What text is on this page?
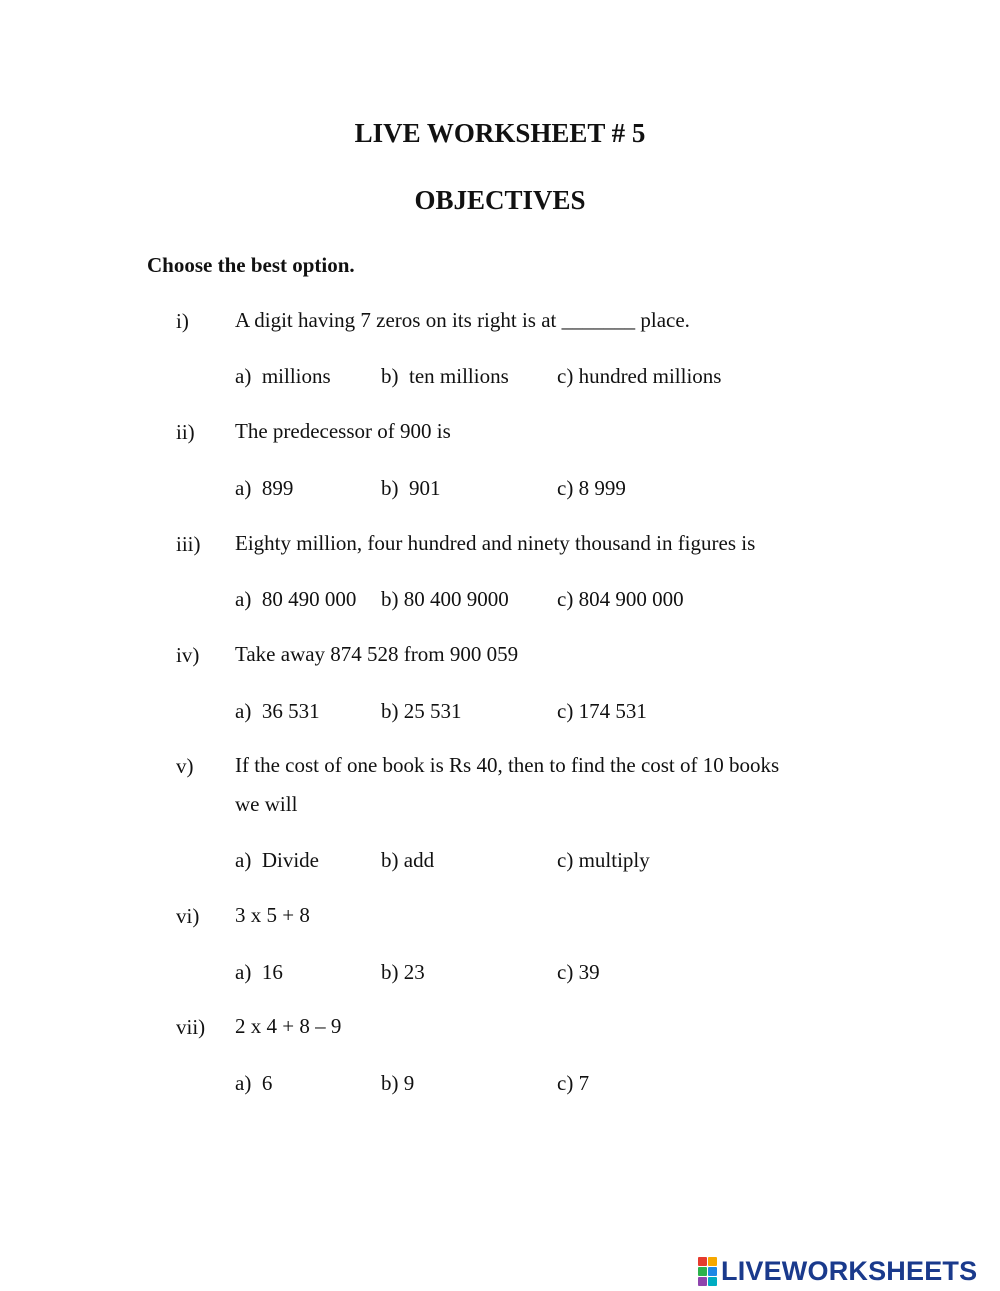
LIVE WORKSHEET # 5
OBJECTIVES
Choose the best option.
i) A digit having 7 zeros on its right is at _______ place.
a)  millions b)  ten millions c) hundred millions
ii) The predecessor of 900 is
a)  899	b)  901	c) 8 999
iii) Eighty million, four hundred and ninety thousand in figures is
a)  80 490 000 b) 80 400 9000 c) 804 900 000
iv) Take away 874 528 from 900 059
a)  36 531	b) 25 531	c) 174 531
v) If the cost of one book is Rs 40, then to find the cost of 10 books
we will
a)  Divide	b) add	c) multiply
vi) 3 x 5 + 8
a)  16	b) 23	c) 39
vii) 2 x 4 + 8 – 9
a)  6	b) 9	c) 7
LIVEWORKSHEETS
